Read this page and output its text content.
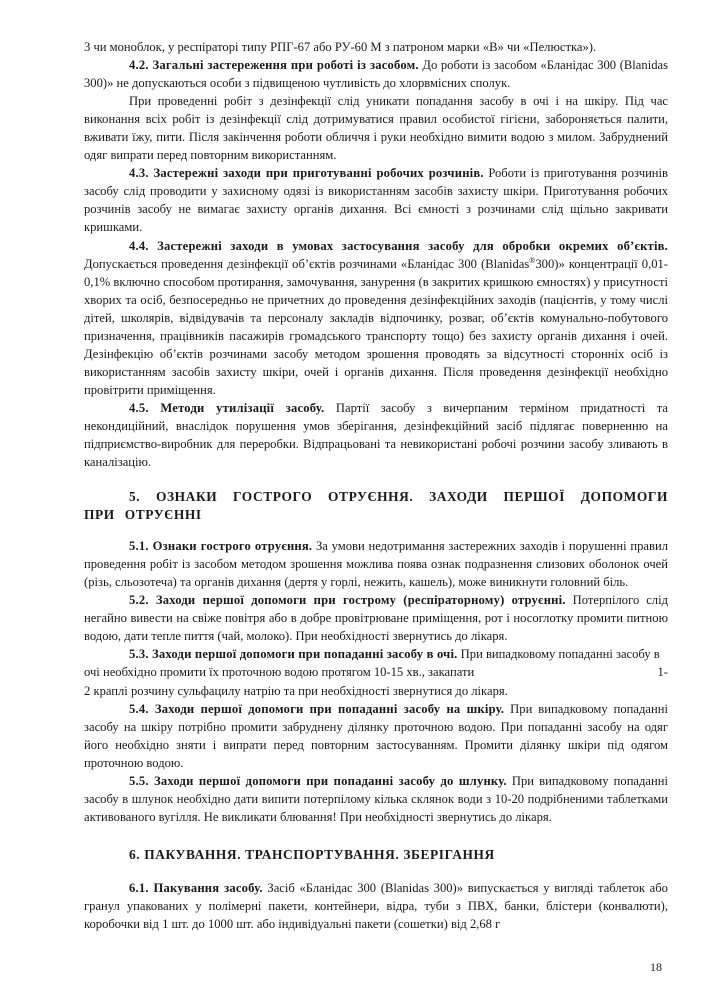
3 чи моноблок, у респіраторі типу РПГ-67 або РУ-60 М з патроном марки «В» чи «Пелюстка»).

4.2. Загальні застереження при роботі із засобом. До роботи із засобом «Бланідас 300 (Blanidas 300)» не допускаються особи з підвищеною чутливість до хлорвмісних сполук.

При проведенні робіт з дезінфекції слід уникати попадання засобу в очі і на шкіру. Під час виконання всіх робіт із дезінфекції слід дотримуватися правил особистої гігієни, забороняється палити, вживати їжу, пити. Після закінчення роботи обличчя і руки необхідно вимити водою з милом. Забруднений одяг випрати перед повторним використанням.

4.3. Застережні заходи при приготуванні робочих розчинів. Роботи із приготування розчинів засобу слід проводити у захисному одязі із використанням засобів захисту шкіри. Приготування робочих розчинів засобу не вимагає захисту органів дихання. Всі ємності з розчинами слід щільно закривати кришками.

4.4. Застережні заходи в умовах застосування засобу для обробки окремих об’єктів. Допускається проведення дезінфекції об’єктів розчинами «Бланідас 300 (Blanidas®300)» концентрації 0,01-0,1% включно способом протирання, замочування, занурення (в закритих кришкою ємностях) у присутності хворих та осіб, безпосередньо не причетних до проведення дезінфекційних заходів (пацієнтів, у тому числі дітей, школярів, відвідувачів та персоналу закладів відпочинку, розваг, об’єктів комунально-побутового призначення, працівників пасажирів громадського транспорту тощо) без захисту органів дихання і очей. Дезінфекцію об’єктів розчинами засобу методом зрошення проводять за відсутності сторонніх осіб із використанням засобів захисту шкіри, очей і органів дихання. Після проведення дезінфекції необхідно провітрити приміщення.

4.5. Методи утилізації засобу. Партії засобу з вичерпаним терміном придатності та некондиційний, внаслідок порушення умов зберігання, дезінфекційний засіб підлягає поверненню на підприємство-виробник для переробки. Відпрацьовані та невикористані робочі розчини засобу зливають в каналізацію.

5. ОЗНАКИ ГОСТРОГО ОТРУЄННЯ. ЗАХОДИ ПЕРШОЇ ДОПОМОГИ ПРИ ОТРУЄННІ

5.1. Ознаки гострого отруєння. За умови недотримання застережних заходів і порушенні правил проведення робіт із засобом методом зрошення можлива поява ознак подразнення слизових оболонок очей (різь, сльозотеча) та органів дихання (дертя у горлі, нежить, кашель), може виникнути головний біль.

5.2. Заходи першої допомоги при гострому (респіраторному) отруєнні. Потерпілого слід негайно вивести на свіже повітря або в добре провітрюване приміщення, рот і носоглотку промити питною водою, дати тепле пиття (чай, молоко). При необхідності звернутись до лікаря.

5.3. Заходи першої допомоги при попаданні засобу в очі. При випадковому попаданні засобу в очі необхідно промити їх проточною водою протягом 10-15 хв., закапати	1-

2 краплі розчину сульфацилу натрію та при необхідності звернутися до лікаря.

5.4. Заходи першої допомоги при попаданні засобу на шкіру. При випадковому попаданні засобу на шкіру потрібно промити забруднену ділянку проточною водою. При попаданні засобу на одяг його необхідно зняти і випрати перед повторним застосуванням. Промити ділянку шкіри під одягом проточною водою.

5.5. Заходи першої допомоги при попаданні засобу до шлунку. При випадковому попаданні засобу в шлунок необхідно дати випити потерпілому кілька склянок води з 10-20 подрібненими таблетками активованого вугілля. Не викликати блювання! При необхідності звернутись до лікаря.

6. ПАКУВАННЯ. ТРАНСПОРТУВАННЯ. ЗБЕРІГАННЯ

6.1. Пакування засобу. Засіб «Бланідас 300 (Blanidas 300)» випускається у вигляді таблеток або гранул упакованих у полімерні пакети, контейнери, відра, туби з ПВХ, банки, блістери (конвалюти), коробочки від 1 шт. до 1000 шт. або індивідуальні пакети (сошетки) від 2,68 г

18
